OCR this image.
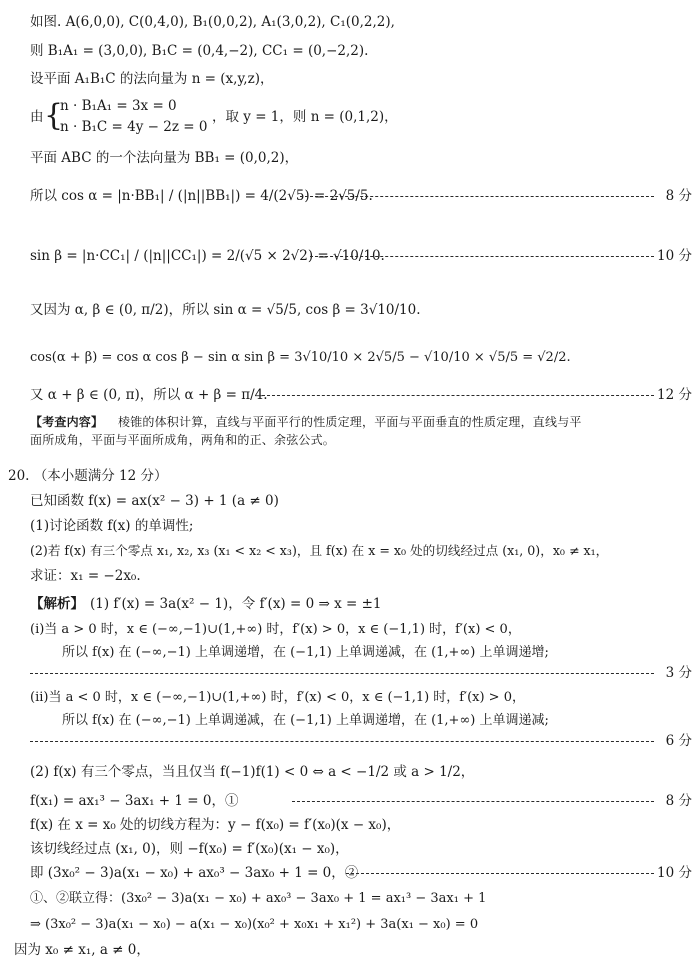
如图. A(6,0,0), C(0,4,0), B₁(0,0,2), A₁(3,0,2), C₁(0,2,2),
则 B₁A₁ = (3,0,0), B₁C = (0,4,−2), CC₁ = (0,−2,2).
设平面 A₁B₁C 的法向量为 n = (x,y,z)，
由 {
n · B₁A₁ = 3x = 0
n · B₁C = 4y − 2z = 0
，取 y = 1，则 n = (0,1,2)，
平面 ABC 的一个法向量为 BB₁ = (0,0,2)，
所以 cos α = |n·BB₁| / (|n||BB₁|) = 4/(2√5) = 2√5/5.	8 分
sin β = |n·CC₁| / (|n||CC₁|) = 2/(√5 × 2√2) = √10/10.	10 分
又因为 α, β ∈ (0, π/2)，所以 sin α = √5/5, cos β = 3√10/10.
cos(α + β) = cos α cos β − sin α sin β = 3√10/10 × 2√5/5 − √10/10 × √5/5 = √2/2.
又 α + β ∈ (0, π)，所以 α + β = π/4.	12 分
【考查内容】 棱锥的体积计算，直线与平面平行的性质定理，平面与平面垂直的性质定理，直线与平
面所成角，平面与平面所成角，两角和的正、余弦公式。
20. （本小题满分 12 分）
已知函数 f(x) = ax(x² − 3) + 1 (a ≠ 0)
(1)讨论函数 f(x) 的单调性;
(2)若 f(x) 有三个零点 x₁, x₂, x₃ (x₁ < x₂ < x₃)，且 f(x) 在 x = x₀ 处的切线经过点 (x₁, 0)，x₀ ≠ x₁，
求证：x₁ = −2x₀.
【解析】 (1) f′(x) = 3a(x² − 1)，令 f′(x) = 0 ⇒ x = ±1
(i)当 a > 0 时，x ∈ (−∞,−1)∪(1,+∞) 时，f′(x) > 0，x ∈ (−1,1) 时，f′(x) < 0，
所以 f(x) 在 (−∞,−1) 上单调递增，在 (−1,1) 上单调递减，在 (1,+∞) 上单调递增;
3 分
(ii)当 a < 0 时，x ∈ (−∞,−1)∪(1,+∞) 时，f′(x) < 0，x ∈ (−1,1) 时，f′(x) > 0，
所以 f(x) 在 (−∞,−1) 上单调递减，在 (−1,1) 上单调递增，在 (1,+∞) 上单调递减;
6 分
(2) f(x) 有三个零点，当且仅当 f(−1)f(1) < 0 ⇔ a < −1/2 或 a > 1/2，
f(x₁) = ax₁³ − 3ax₁ + 1 = 0，①	8 分
f(x) 在 x = x₀ 处的切线方程为：y − f(x₀) = f′(x₀)(x − x₀)，
该切线经过点 (x₁, 0)，则 −f(x₀) = f′(x₀)(x₁ − x₀)，
即 (3x₀² − 3)a(x₁ − x₀) + ax₀³ − 3ax₀ + 1 = 0，②	10 分
①、②联立得：(3x₀² − 3)a(x₁ − x₀) + ax₀³ − 3ax₀ + 1 = ax₁³ − 3ax₁ + 1
⇒ (3x₀² − 3)a(x₁ − x₀) − a(x₁ − x₀)(x₀² + x₀x₁ + x₁²) + 3a(x₁ − x₀) = 0
因为 x₀ ≠ x₁, a ≠ 0，
